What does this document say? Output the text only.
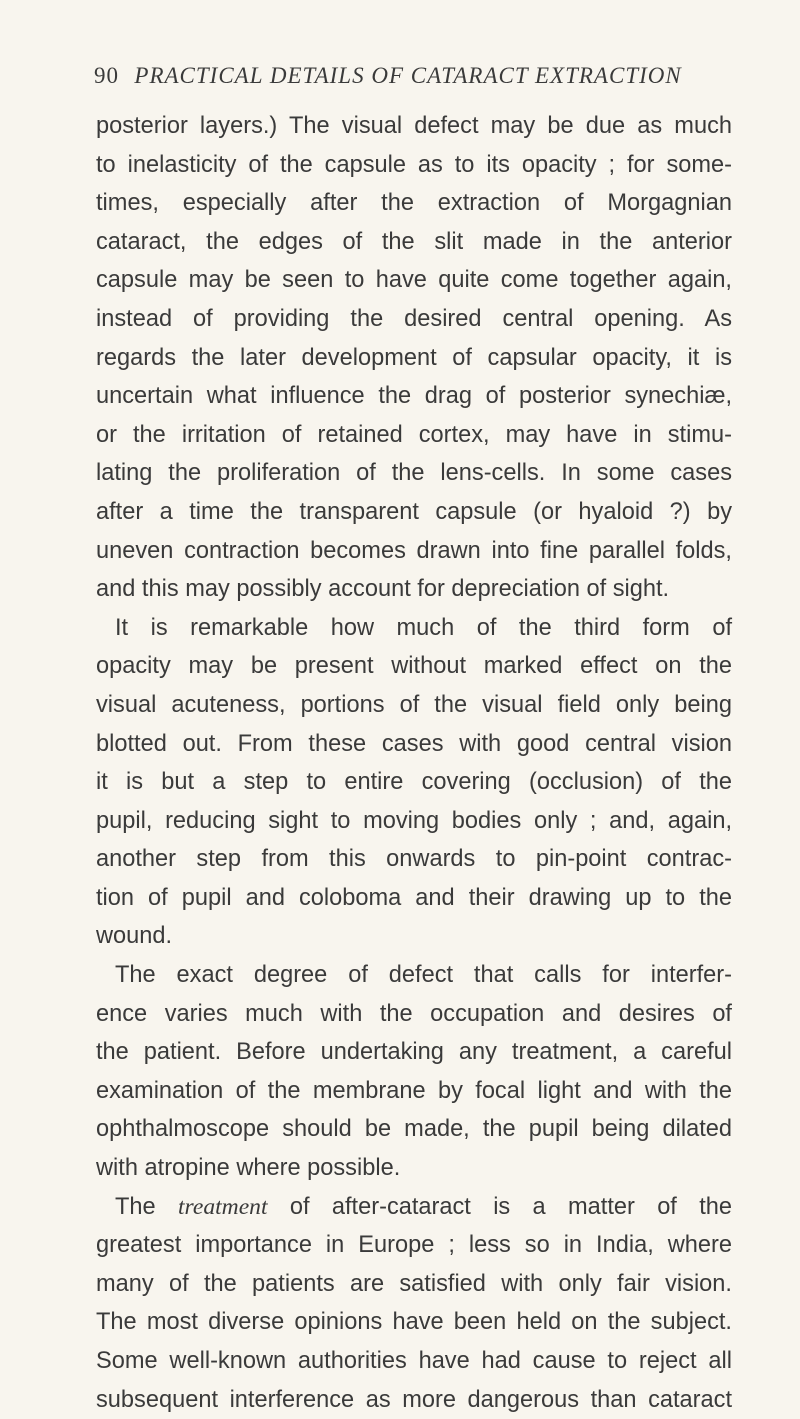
90 PRACTICAL DETAILS OF CATARACT EXTRACTION
posterior layers.) The visual defect may be due as much
to inelasticity of the capsule as to its opacity ; for some-
times, especially after the extraction of Morgagnian
cataract, the edges of the slit made in the anterior
capsule may be seen to have quite come together again,
instead of providing the desired central opening. As
regards the later development of capsular opacity, it is
uncertain what influence the drag of posterior synechiæ,
or the irritation of retained cortex, may have in stimu-
lating the proliferation of the lens-cells. In some cases
after a time the transparent capsule (or hyaloid ?) by
uneven contraction becomes drawn into fine parallel folds,
and this may possibly account for depreciation of sight.
It is remarkable how much of the third form of
opacity may be present without marked effect on the
visual acuteness, portions of the visual field only being
blotted out. From these cases with good central vision
it is but a step to entire covering (occlusion) of the
pupil, reducing sight to moving bodies only ; and, again,
another step from this onwards to pin-point contrac-
tion of pupil and coloboma and their drawing up to the
wound.
The exact degree of defect that calls for interfer-
ence varies much with the occupation and desires of
the patient. Before undertaking any treatment, a careful
examination of the membrane by focal light and with the
ophthalmoscope should be made, the pupil being dilated
with atropine where possible.
The treatment of after-cataract is a matter of the
greatest importance in Europe ; less so in India, where
many of the patients are satisfied with only fair vision.
The most diverse opinions have been held on the subject.
Some well-known authorities have had cause to reject all
subsequent interference as more dangerous than cataract
